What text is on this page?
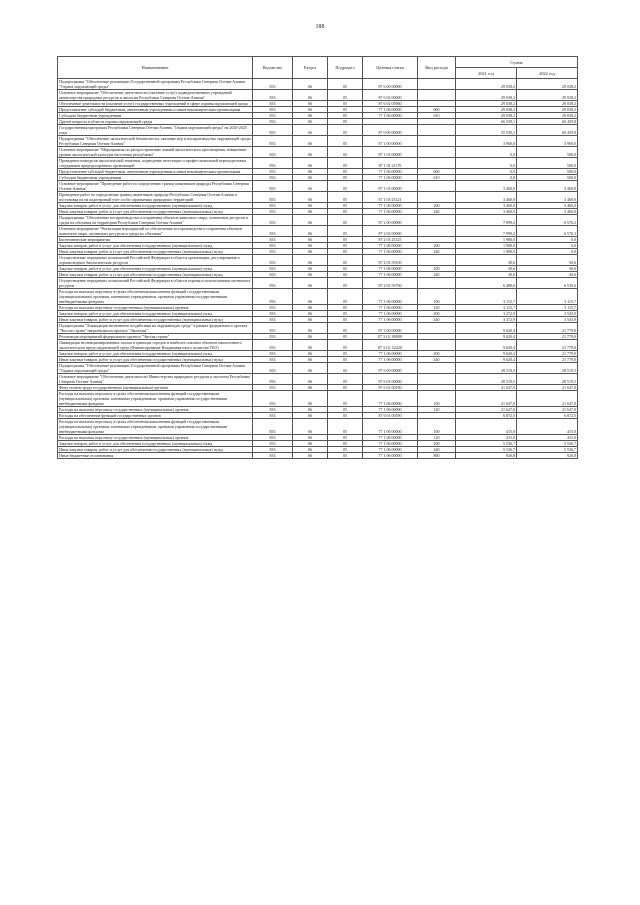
188
Наименование	Ведомство	Раздел	Подраздел	Целевая статья	Вид расхода	Сумма	
						2021 год	2022 год
Подпрограмма "Обеспечение реализации Государственной программы Республики Северная Осетия-Алания "Охрана окружающей среды"	833	06	05	87 6 00 00000		29 038,2	29 038,2
Основное мероприятие "Обеспечение деятельности (оказание услуг) подведомственных учреждений министерства природных ресурсов и экологии Республики Северная Осетия-Алания"	833	06	05	87 6 02 00000		29 038,2	29 038,2
Обеспечение деятельности (оказание услуг) государственных учреждений в сфере охраны окружающей среды	833	06	05	87 6 02 05960		29 038,2	29 038,2
Предоставление субсидий бюджетным, автономным учреждениям и иным некоммерческим организациям	833	06	05	77 1 06 00000	600	29 038,2	29 038,2
Субсидии бюджетным учреждениям	833	06	05	77 1 06 00000	610	29 038,2	29 038,2
Другие вопросы в области охраны окружающей среды	833	06	05			66 539,1	60 459,8
Государственная программа Республики Северная Осетия-Алания "Охрана окружающей среды" на 2020-2025 годы	833	06	05	87 0 00 00000		55 539,1	60 459,8
Подпрограмма "Обеспечение экологической безопасности, оказание мер и воспроизводство окружающей среды Республики Северная Осетия-Алания"	833	06	05	87 1 00 00000		3 960,0	3 960,0
Основное мероприятие "Мероприятия по распространению знаний экологического просвещения, повышение уровня экологической культуры населения республики"	833	06	05	87 1 01 00000		0,0	500,0
Проведение конкурсов экологической тематики, подведение аттестации и профессиональной переподготовки сотрудников природоохранных организаций	833	06	05	87 1 01 21170		0,0	500,0
Предоставление субсидий бюджетным, автономным учреждениям и иным некоммерческим организациям	833	06	05	77 1 06 00000	600	0,0	500,0
Субсидии бюджетным учреждениям	833	06	05	77 1 06 00000	610	0,0	500,0
Основное мероприятие "Проведение работ по определению границ памятников природы Республики Северная Осетия-Алания"	833	06	05	87 1 03 00000		3 460,0	3 460,0
Проведение работ по определению границ памятников природы Республики Северная Осетия-Алания и постановка их на кадастровый учет особо охраняемых природных территорий	833	06	05	87 1 03 25121		3 460,0	3 460,0
Закупка товаров, работ и услуг для обеспечения государственных (муниципальных) нужд	833	06	05	77 1 06 00000	200	3 460,0	3 460,0
Иные закупки товаров, работ и услуг для обеспечения государственных (муниципальных) нужд	833	06	05	77 1 06 00000	240	3 460,0	3 460,0
Подпрограмма "Обеспечение воспроизводства и сохранения объектов животного мира, охотничьих ресурсов и среды их обитания на территории Республики Северная Осетия-Алания"	833	06	05	87 2 00 00000		7 999,2	6 570,2
Основное мероприятие "Реализация мероприятий по обеспечению воспроизводства и сохранения объектов животного мира, охотничьих ресурсов и среды их обитания"	833	06	05	87 2 03 00000		7 999,2	6 570,2
Биотехнические мероприятия	833	06	05	87 2 03 25125		1 980,0	0,0
Закупка товаров, работ и услуг для обеспечения государственных (муниципальных) нужд	833	06	05	77 1 06 00000	200	1 980,0	0,0
Иные закупки товаров, работ и услуг для обеспечения государственных (муниципальных) нужд	833	06	05	77 1 06 00000	240	1 980,0	0,0
Осуществление переданных полномочий Российской Федерации в области организации, регулирования и охраны водных биологических ресурсов	833	06	05	87 2 03 59100		30,6	30,6
Закупка товаров, работ и услуг для обеспечения государственных (муниципальных) нужд	833	06	05	77 1 06 00000	200	30,6	30,6
Иные закупки товаров, работ и услуг для обеспечения государственных (муниципальных) нужд	833	06	05	77 1 06 00000	240	30,6	30,6
Осуществление переданных полномочий Российской Федерации в области охраны и использования охотничьих ресурсов	833	06	05	87 2 03 59700		6 488,6	6 539,6
Расходы на выплаты персоналу в целях обеспечения выполнения функций государственными (муниципальными) органами, казенными учреждениями, органами управления государственными внебюджетными фондами	833	06	05	77 1 06 00000	100	3 115,7	3 115,7
Расходы на выплаты персоналу государственных (муниципальных) органов	833	06	05	77 1 06 00000	120	3 115,7	3 115,7
Закупка товаров, работ и услуг для обеспечения государственных (муниципальных) нужд	833	06	05	77 1 06 00000	200	3 372,9	3 543,9
Иные закупки товаров, работ и услуг для обеспечения государственных (муниципальных) нужд	833	06	05	77 1 06 00000	240	3 372,9	3 543,9
Подпрограмма "Ликвидация негативного воздействия на окружающую среду" в рамках федерального проекта "Чистая страна" национального проекта "Экология"	833	06	05	87 3 00 00000		9 620,4	21 779,0
Реализация мероприятий федерального проекта "Чистая страна"	833	06	05	87 3 G1 00000		9 620,4	21 779,0
Ликвидация несанкционированных свалок в границах городов и наиболее опасных объектов накопленного экологического вреда окружающей среде (Финансирование Владикавказского полигона ТБО)	833	06	05	87 3 G1 52420		9 620,4	21 779,0
Закупка товаров, работ и услуг для обеспечения государственных (муниципальных) нужд	833	06	05	77 1 06 00000	200	9 620,4	21 779,0
Иные закупки товаров, работ и услуг для обеспечения государственных (муниципальных) нужд	833	06	05	77 1 06 00000	240	9 620,4	21 779,0
Подпрограмма "Обеспечение реализации Государственной программы Республики Северная Осетия-Алания "Охрана окружающей среды"	833	06	05	87 6 00 00000		28 519,5	28 519,5
Основное мероприятие "Обеспечение деятельности Министерства природных ресурсов и экологии Республики Северная Осетия-Алания"	833	06	05	87 6 01 00000		28 519,5	28 519,5
Фонд оплаты труда государственных (муниципальных) органов	833	06	05	87 6 01 00190		21 647,0	21 647,0
Расходы на выплаты персоналу в целях обеспечения выполнения функций государственными (муниципальными) органами, казенными учреждениями, органами управления государственными внебюджетными фондами	833	06	05	77 1 06 00000	100	21 647,0	21 647,0
Расходы на выплаты персоналу государственных (муниципальных) органов	833	06	05	77 1 06 00000	120	21 647,0	21 647,0
Расходы на обеспечение функций государственных органов	833	06	05	87 6 01 00190		6 872,5	6 872,5
Расходы на выплаты персоналу в целях обеспечения выполнения функций государственными (муниципальными) органами, казенными учреждениями, органами управления государственными внебюджетными фондами	833	06	05	77 1 06 00000	100	415,0	415,0
Расходы на выплаты персоналу государственных (муниципальных) органов	833	06	05	77 1 06 00000	120	415,0	415,0
Закупка товаров, работ и услуг для обеспечения государственных (муниципальных) нужд	833	06	05	77 1 06 00000	200	5 536,7	5 536,7
Иные закупки товаров, работ и услуг для обеспечения государственных (муниципальных) нужд	833	06	05	77 1 06 00000	240	5 536,7	5 536,7
Иные бюджетные ассигнования	833	06	05	77 1 06 00000	800	920,8	920,8
